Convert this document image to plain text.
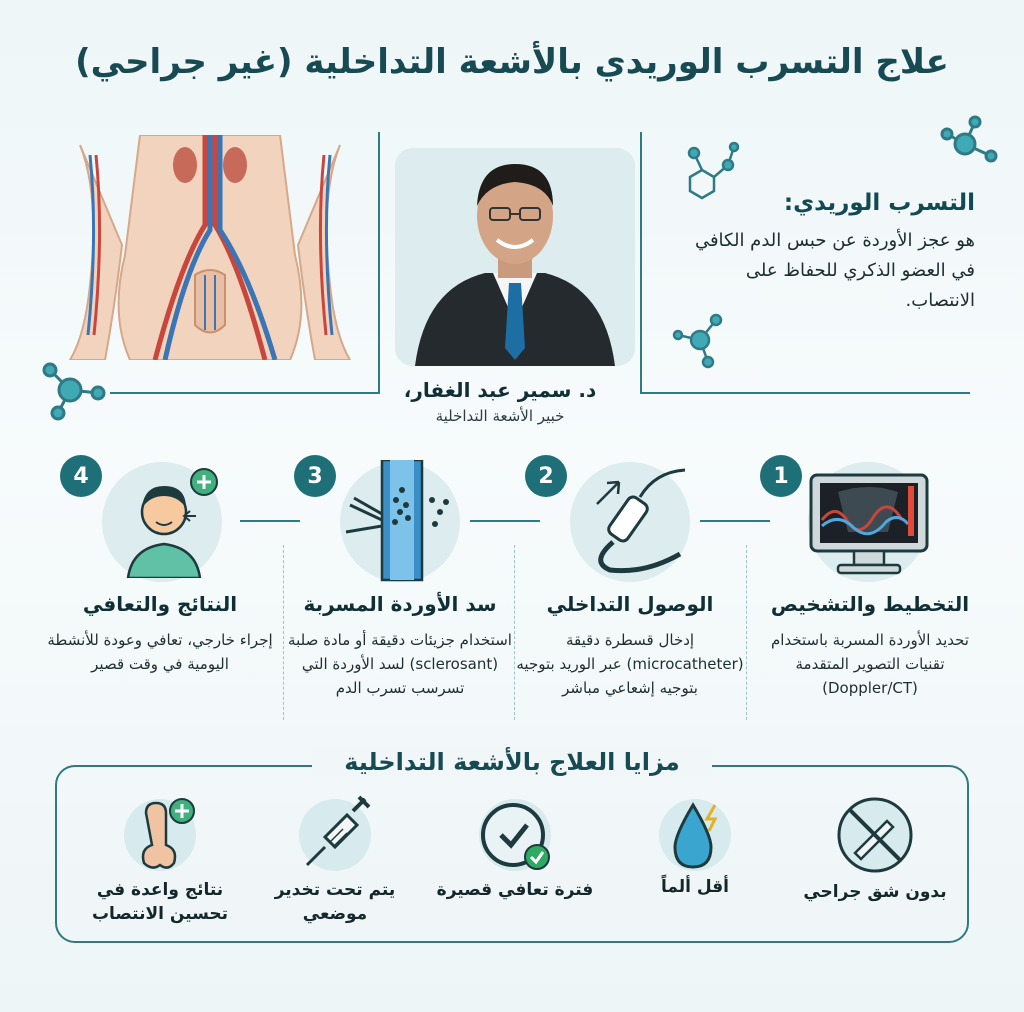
علاج التسرب الوريدي بالأشعة التداخلية (غير جراحي)
د. سمير عبد الغفار،
خبير الأشعة التداخلية
التسرب الوريدي:
هو عجز الأوردة عن حبس الدم الكافي في العضو الذكري للحفاظ على الانتصاب.
4
النتائج والتعافي
إجراء خارجي، تعافي وعودة للأنشطة اليومية في وقت قصير
3
سد الأوردة المسربة
استخدام جزيئات دقيقة أو مادة صلبة (sclerosant) لسد الأوردة التي تسرسب تسرب الدم
2
الوصول التداخلي
إدخال قسطرة دقيقة (microcatheter) عبر الوريد بتوجيه بتوجيه إشعاعي مباشر
1
التخطيط والتشخيص
تحديد الأوردة المسربة باستخدام تقنيات التصوير المتقدمة (Doppler/CT)
مزايا العلاج بالأشعة التداخلية
بدون شق جراحي
أقل ألماً
فترة تعافي قصيرة
يتم تحت تخدير موضعي
نتائج واعدة في تحسين الانتصاب
